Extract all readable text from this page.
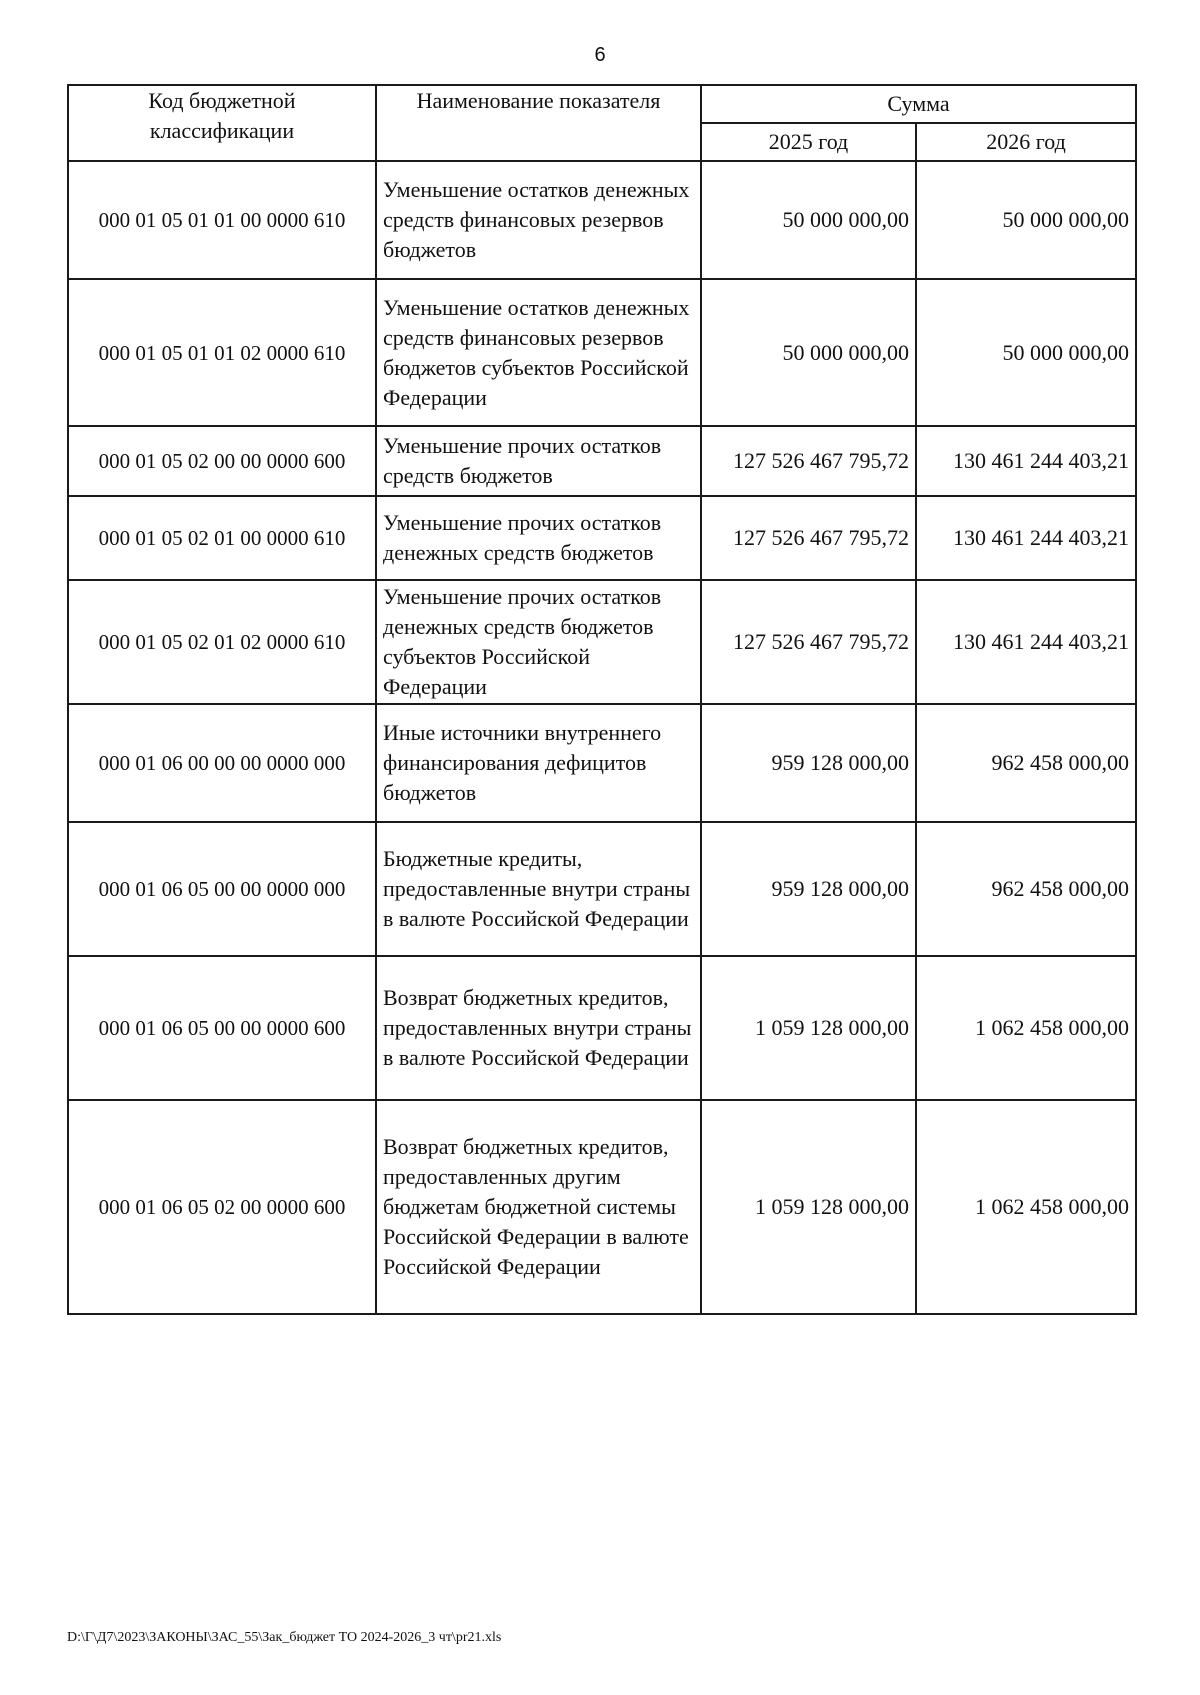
6
Код бюджетной классификации	Наименование показателя	Сумма	
		2025 год	2026 год
000 01 05 01 01 00 0000 610	Уменьшение остатков денежных средств финансовых резервов бюджетов	50 000 000,00	50 000 000,00
000 01 05 01 01 02 0000 610	Уменьшение остатков денежных средств финансовых резервов бюджетов субъектов Российской Федерации	50 000 000,00	50 000 000,00
000 01 05 02 00 00 0000 600	Уменьшение прочих остатков средств бюджетов	127 526 467 795,72	130 461 244 403,21
000 01 05 02 01 00 0000 610	Уменьшение прочих остатков денежных средств бюджетов	127 526 467 795,72	130 461 244 403,21
000 01 05 02 01 02 0000 610	Уменьшение прочих остатков денежных средств бюджетов субъектов Российской Федерации	127 526 467 795,72	130 461 244 403,21
000 01 06 00 00 00 0000 000	Иные источники внутреннего финансирования дефицитов бюджетов	959 128 000,00	962 458 000,00
000 01 06 05 00 00 0000 000	Бюджетные кредиты, предоставленные внутри страны в валюте Российской Федерации	959 128 000,00	962 458 000,00
000 01 06 05 00 00 0000 600	Возврат бюджетных кредитов, предоставленных внутри страны в валюте Российской Федерации	1 059 128 000,00	1 062 458 000,00
000 01 06 05 02 00 0000 600	Возврат бюджетных кредитов, предоставленных другим бюджетам бюджетной системы Российской Федерации в валюте Российской Федерации	1 059 128 000,00	1 062 458 000,00
D:\Г\Д7\2023\ЗАКОНЫ\ЗАС_55\Зак_бюджет ТО 2024-2026_3 чт\pr21.xls
